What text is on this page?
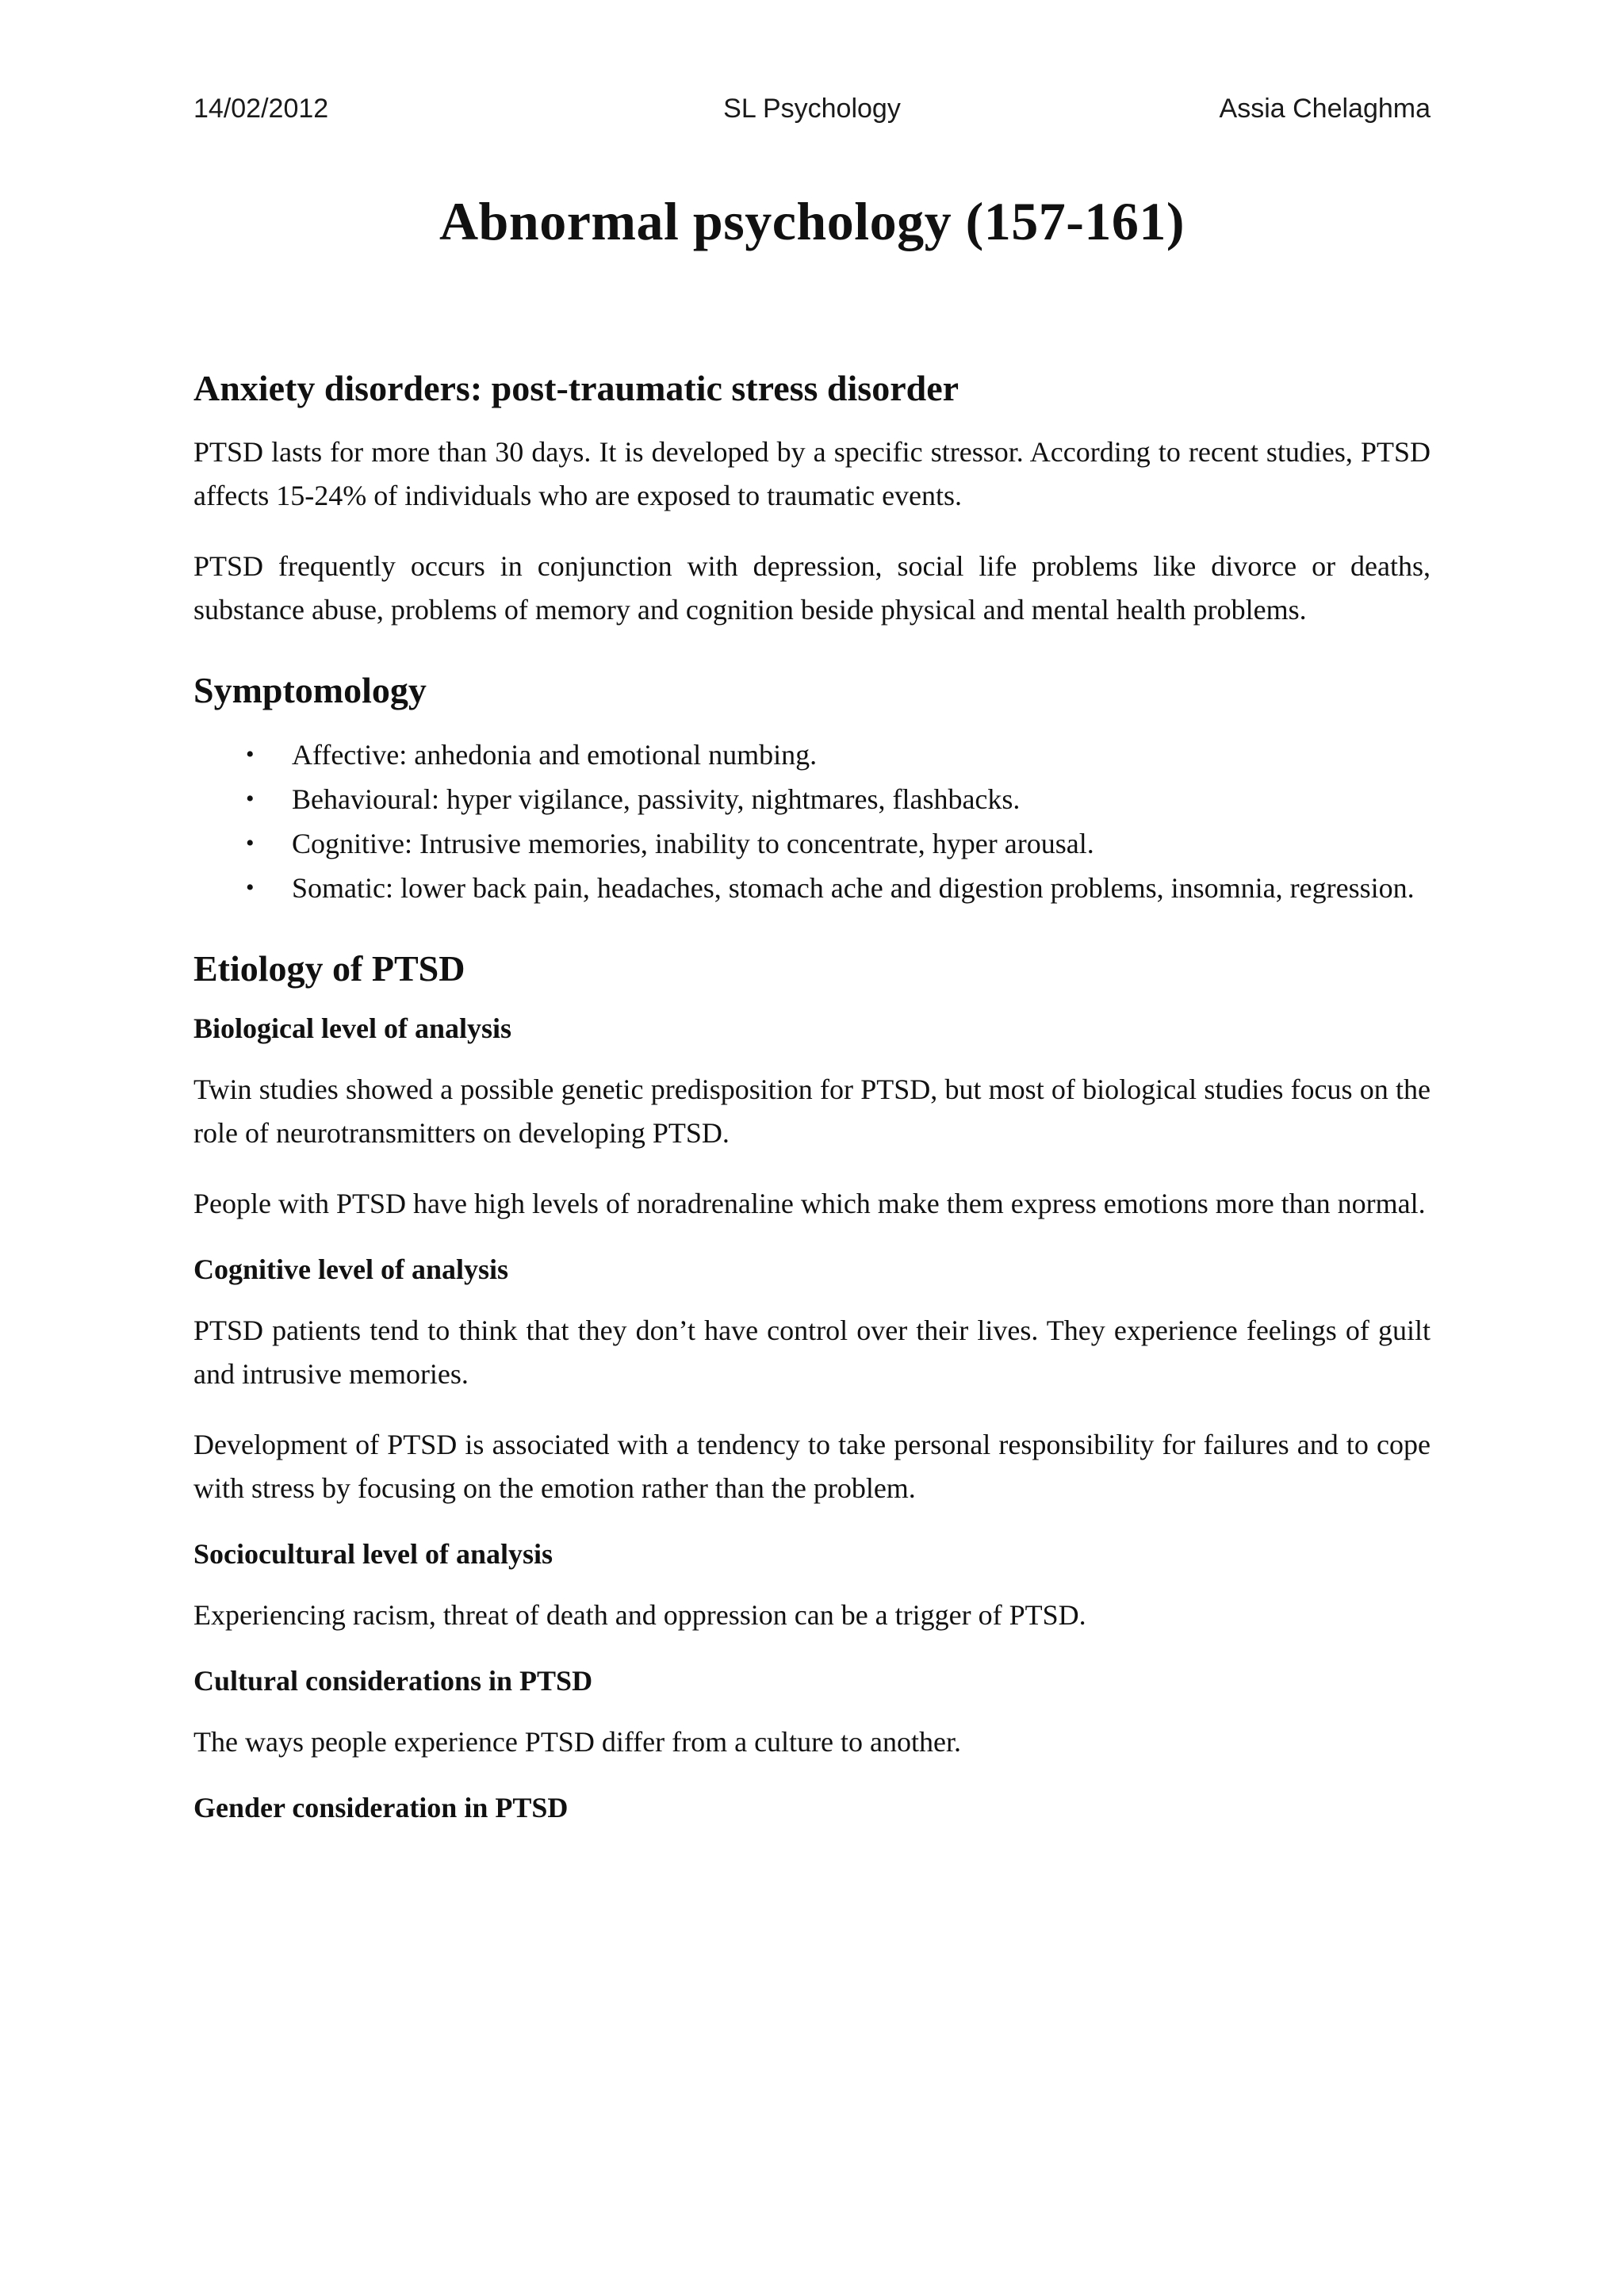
14/02/2012	SL Psychology	Assia Chelaghma
Abnormal psychology (157-161)
Anxiety disorders: post-traumatic stress disorder

PTSD lasts for more than 30 days. It is developed by a specific stressor. According to recent studies, PTSD affects 15-24% of individuals who are exposed to traumatic events.

PTSD frequently occurs in conjunction with depression, social life problems like divorce or deaths, substance abuse, problems of memory and cognition beside physical and mental health problems.

Symptomology
• Affective: anhedonia and emotional numbing.
• Behavioural: hyper vigilance, passivity, nightmares, flashbacks.
• Cognitive: Intrusive memories, inability to concentrate, hyper arousal.
• Somatic: lower back pain, headaches, stomach ache and digestion problems, insomnia, regression.
Etiology of PTSD
Biological level of analysis

Twin studies showed a possible genetic predisposition for PTSD, but most of biological studies focus on the role of neurotransmitters on developing PTSD.

People with PTSD have high levels of noradrenaline which make them express emotions more than normal.

Cognitive level of analysis

PTSD patients tend to think that they don’t have control over their lives. They experience feelings of guilt and intrusive memories.

Development of PTSD is associated with a tendency to take personal responsibility for failures and to cope with stress by focusing on the emotion rather than the problem.

Sociocultural level of analysis

Experiencing racism, threat of death and oppression can be a trigger of PTSD.

Cultural considerations in PTSD

The ways people experience PTSD differ from a culture to another.

Gender consideration in PTSD
